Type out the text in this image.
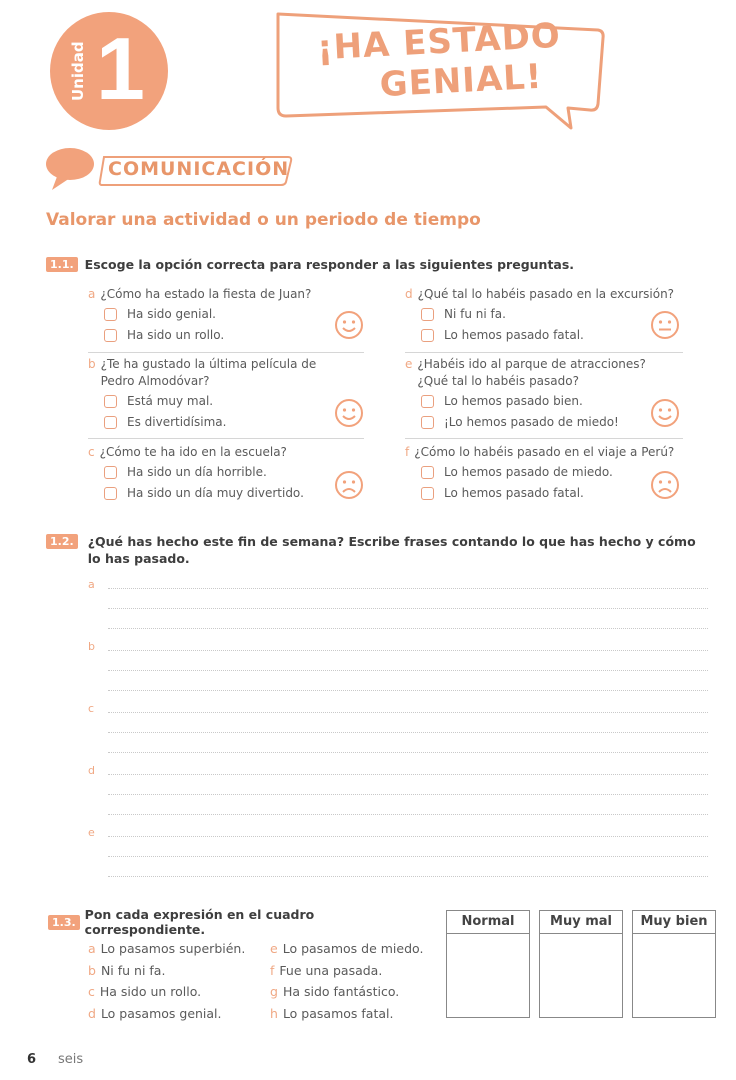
Unidad 1	¡HA ESTADO
GENIAL!
COMUNICACIÓN
Valorar una actividad o un periodo de tiempo
1.1. Escoge la opción correcta para responder a las siguientes preguntas.
a ¿Cómo ha estado la fiesta de Juan?
Ha sido genial.
Ha sido un rollo.
b ¿Te ha gustado la última película de Pedro Almodóvar?
Está muy mal.
Es divertidísima.
c ¿Cómo te ha ido en la escuela?
Ha sido un día horrible.
Ha sido un día muy divertido.
d ¿Qué tal lo habéis pasado en la excursión?
Ni fu ni fa.
Lo hemos pasado fatal.
e ¿Habéis ido al parque de atracciones? ¿Qué tal lo habéis pasado?
Lo hemos pasado bien.
¡Lo hemos pasado de miedo!
f ¿Cómo lo habéis pasado en el viaje a Perú?
Lo hemos pasado de miedo.
Lo hemos pasado fatal.
1.2. ¿Qué has hecho este fin de semana? Escribe frases contando lo que has hecho y cómo lo has pasado.
a
b
c
d
e
1.3. Pon cada expresión en el cuadro correspondiente.
a Lo pasamos superbién.
b Ni fu ni fa.
c Ha sido un rollo.
d Lo pasamos genial.
e Lo pasamos de miedo.
f Fue una pasada.
g Ha sido fantástico.
h Lo pasamos fatal.
Normal	Muy mal	Muy bien
6 seis
